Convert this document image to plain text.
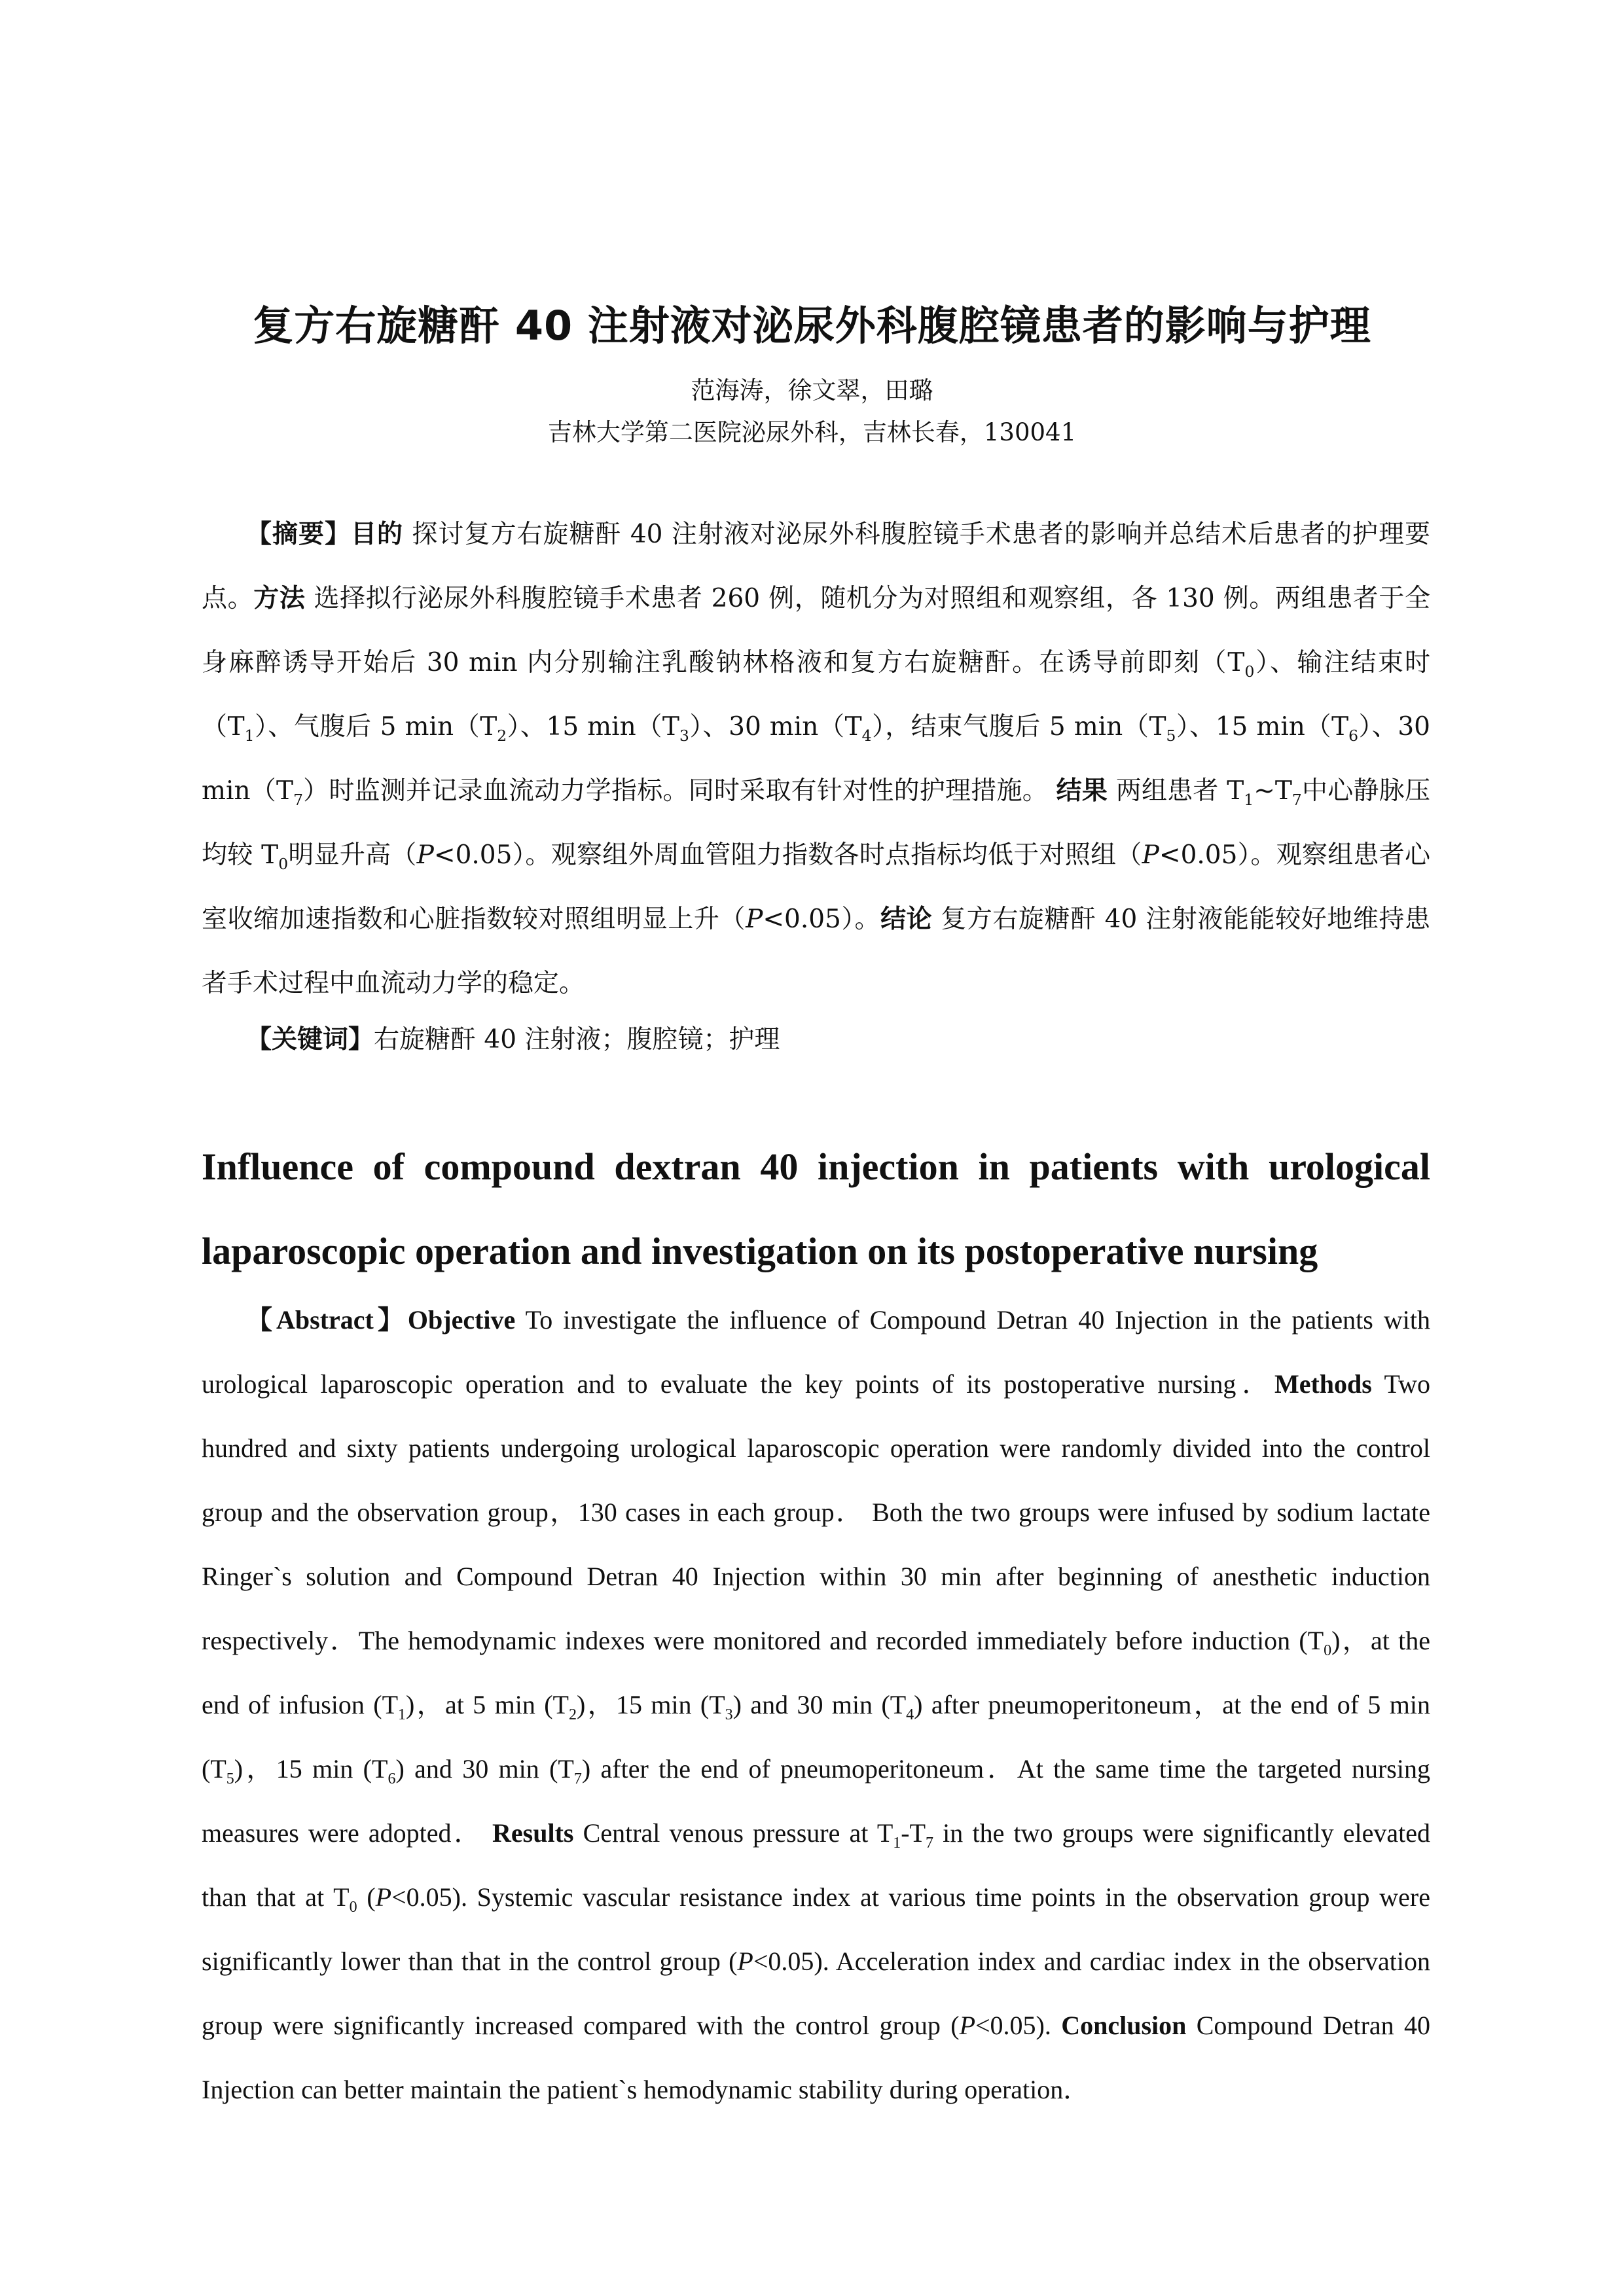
复方右旋糖酐 40 注射液对泌尿外科腹腔镜患者的影响与护理
范海涛，徐文翠，田璐
吉林大学第二医院泌尿外科，吉林长春，130041

【摘要】目的 探讨复方右旋糖酐 40 注射液对泌尿外科腹腔镜手术患者的影响并总结术后患者的护理要点。方法 选择拟行泌尿外科腹腔镜手术患者 260 例，随机分为对照组和观察组，各 130 例。两组患者于全身麻醉诱导开始后 30 min 内分别输注乳酸钠林格液和复方右旋糖酐。在诱导前即刻$(T_0)$、输注结束时$(T_1)$、气腹后 5 $\min(T_2)$、15 $\min(T_3)$、30 $\min(T_4)$，结束气腹后 5 $\min(T_5)$、15 $\min(T_6)$、30 $\min(T_7)$时监测并记录血流动力学指标。同时采取有针对性的护理措施。 结果 两组患者 $T_1\sim T_7$中心静脉压均较 $T_0$明显升高（P<0.05）。观察组外周血管阻力指数各时点指标均低于对照组（P<0.05）。观察组患者心室收缩加速指数和心脏指数较对照组明显上升（P<0.05）。结论 复方右旋糖酐 40 注射液能能较好地维持患者手术过程中血流动力学的稳定。

【关键词】右旋糖酐 40 注射液；腹腔镜；护理

Influence of compound dextran 40 injection in patients with urological laparoscopic operation and investigation on its postoperative nursing

【Abstract】Objective To investigate the influence of Compound Detran 40 Injection in the patients with urological laparoscopic operation and to evaluate the key points of its postoperative nursing．Methods Two hundred and sixty patients undergoing urological laparoscopic operation were randomly divided into the control group and the observation group，130 cases in each group． Both the two groups were infused by sodium lactate Ringer`s solution and Compound Detran 40 Injection within 30 min after beginning of anesthetic induction respectively．The hemodynamic indexes were monitored and recorded immediately before induction $(T_0)$，at the end of infusion $(T_1)$，at 5 $\min (T_2)$，15 $\min (T_3)$ and 30 $\min (T_4)$ after pneumoperitoneum，at the end of 5 $\min (T_5)$，15 $\min (T_6)$ and 30 $\min (T_7)$ after the end of pneumoperitoneum．At the same time the targeted nursing measures were adopted． Results Central venous pressure at $T_1-T_7$ in the two groups were significantly elevated than that at $T_0$ (P<0.05). Systemic vascular resistance index at various time points in the observation group were significantly lower than that in the control group (P<0.05). Acceleration index and cardiac index in the observation group were significantly increased compared with the control group (P<0.05). Conclusion Compound Detran 40 Injection can better maintain the patient`s hemodynamic stability during operation．
